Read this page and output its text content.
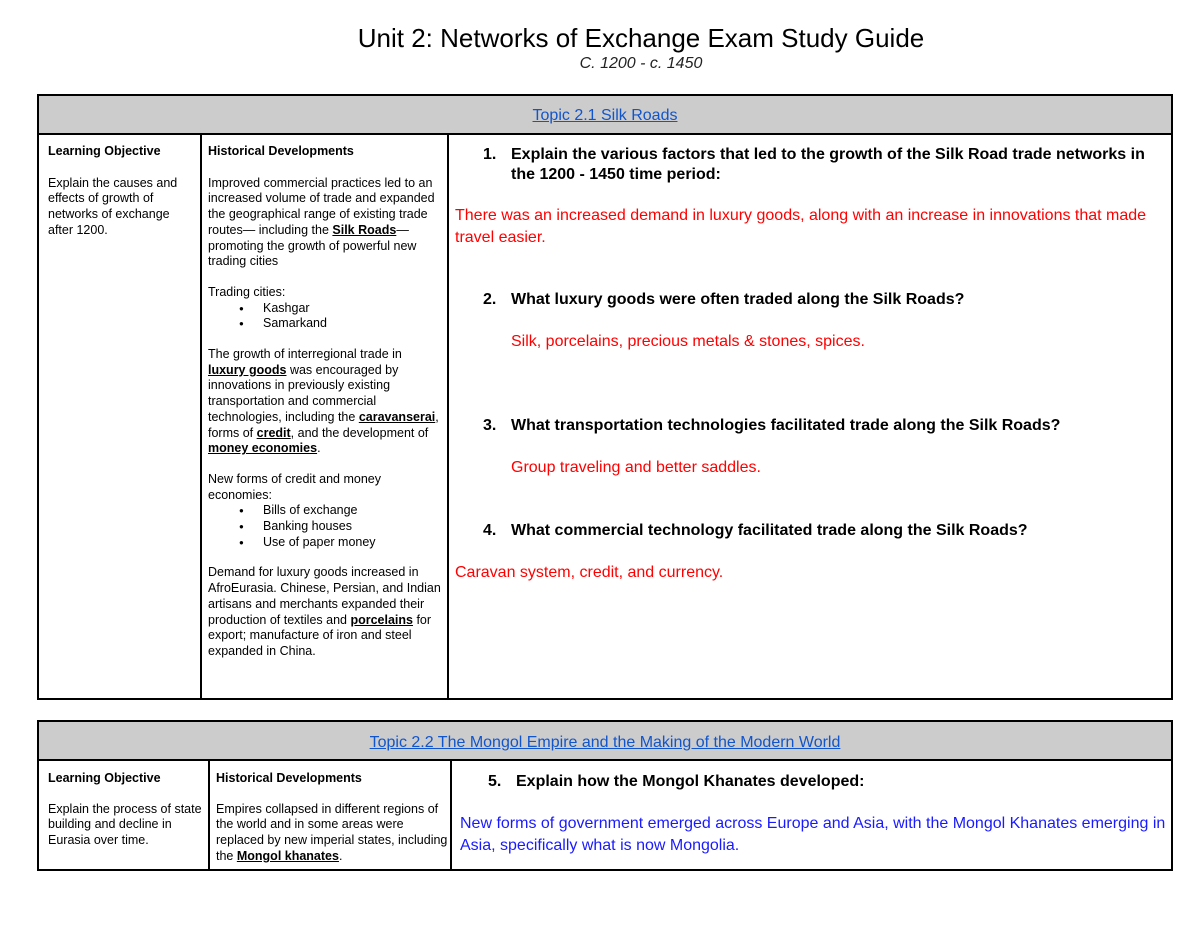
Unit 2: Networks of Exchange Exam Study Guide
C. 1200 - c. 1450
Topic 2.1 Silk Roads
Learning Objective

Explain the causes and effects of growth of networks of exchange after 1200.

Historical Developments

Improved commercial practices led to an increased volume of trade and expanded the geographical range of existing trade routes— including the Silk Roads—promoting the growth of powerful new trading cities

Trading cities:
● Kashgar
● Samarkand

The growth of interregional trade in luxury goods was encouraged by innovations in previously existing transportation and commercial technologies, including the caravanserai, forms of credit, and the development of money economies.

New forms of credit and money economies:
● Bills of exchange
● Banking houses
● Use of paper money

Demand for luxury goods increased in AfroEurasia. Chinese, Persian, and Indian artisans and merchants expanded their production of textiles and porcelains for export; manufacture of iron and steel expanded in China.

1. Explain the various factors that led to the growth of the Silk Road trade networks in the 1200 - 1450 time period:
There was an increased demand in luxury goods, along with an increase in innovations that made travel easier.
2. What luxury goods were often traded along the Silk Roads?
Silk, porcelains, precious metals & stones, spices.
3. What transportation technologies facilitated trade along the Silk Roads?
Group traveling and better saddles.
4. What commercial technology facilitated trade along the Silk Roads?
Caravan system, credit, and currency.
Topic 2.2 The Mongol Empire and the Making of the Modern World
Learning Objective
Explain the process of state building and decline in Eurasia over time.
Historical Developments
Empires collapsed in different regions of the world and in some areas were replaced by new imperial states, including the Mongol khanates.
5. Explain how the Mongol Khanates developed:
New forms of government emerged across Europe and Asia, with the Mongol Khanates emerging in Asia, specifically what is now Mongolia.
